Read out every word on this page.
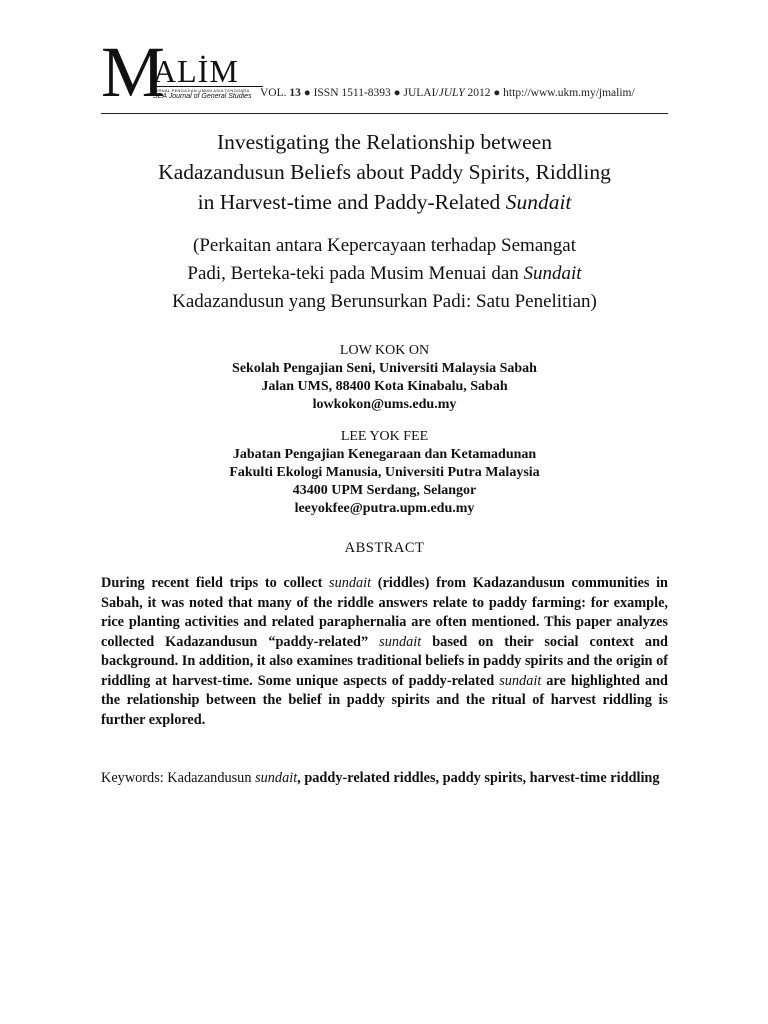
M
ALİM
JURNAL PENGAJIAN UMUM ASIA TENGGARA
SEA Journal of General Studies VOL. 13 ● ISSN 1511-8393 ● JULAI/JULY 2012 ● http://www.ukm.my/jmalim/
Investigating the Relationship between
Kadazandusun Beliefs about Paddy Spirits, Riddling
in Harvest-time and Paddy-Related Sundait
(Perkaitan antara Kepercayaan terhadap Semangat
Padi, Berteka-teki pada Musim Menuai dan Sundait
Kadazandusun yang Berunsurkan Padi: Satu Penelitian)
LOW KOK ON
Sekolah Pengajian Seni, Universiti Malaysia Sabah
Jalan UMS, 88400 Kota Kinabalu, Sabah
lowkokon@ums.edu.my
LEE YOK FEE
Jabatan Pengajian Kenegaraan dan Ketamadunan
Fakulti Ekologi Manusia, Universiti Putra Malaysia
43400 UPM Serdang, Selangor
leeyokfee@putra.upm.edu.my
ABSTRACT
During recent field trips to collect sundait (riddles) from Kadazandusun communities in Sabah, it was noted that many of the riddle answers relate to paddy farming: for example, rice planting activities and related paraphernalia are often mentioned. This paper analyzes collected Kadazandusun “paddy-related” sundait based on their social context and background. In addition, it also examines traditional beliefs in paddy spirits and the origin of riddling at harvest-time. Some unique aspects of paddy-related sundait are highlighted and the relationship between the belief in paddy spirits and the ritual of harvest riddling is further explored.
Keywords: Kadazandusun sundait, paddy-related riddles, paddy spirits, harvest-time riddling
